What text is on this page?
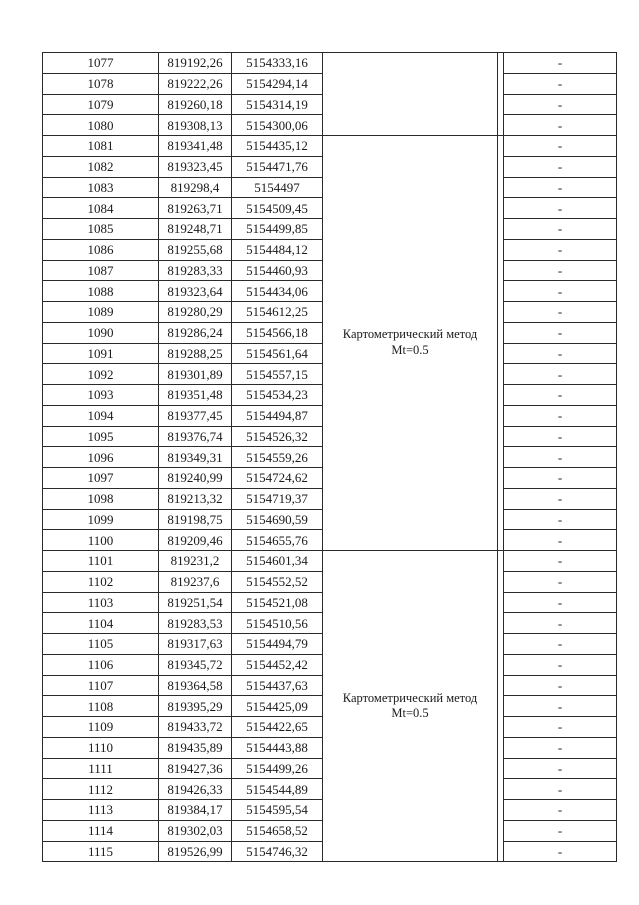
1077	819192,26	5154333,16			-
1078	819222,26	5154294,14			-
1079	819260,18	5154314,19			-
1080	819308,13	5154300,06			-
1081	819341,48	5154435,12	Картометрический метод Mt=0.5		-
1082	819323,45	5154471,76			-
1083	819298,4	5154497			-
1084	819263,71	5154509,45			-
1085	819248,71	5154499,85			-
1086	819255,68	5154484,12			-
1087	819283,33	5154460,93			-
1088	819323,64	5154434,06			-
1089	819280,29	5154612,25			-
1090	819286,24	5154566,18			-
1091	819288,25	5154561,64			-
1092	819301,89	5154557,15			-
1093	819351,48	5154534,23			-
1094	819377,45	5154494,87			-
1095	819376,74	5154526,32			-
1096	819349,31	5154559,26			-
1097	819240,99	5154724,62			-
1098	819213,32	5154719,37			-
1099	819198,75	5154690,59			-
1100	819209,46	5154655,76			-
1101	819231,2	5154601,34	Картометрический метод Mt=0.5		-
1102	819237,6	5154552,52			-
1103	819251,54	5154521,08			-
1104	819283,53	5154510,56			-
1105	819317,63	5154494,79			-
1106	819345,72	5154452,42			-
1107	819364,58	5154437,63			-
1108	819395,29	5154425,09			-
1109	819433,72	5154422,65			-
1110	819435,89	5154443,88			-
1111	819427,36	5154499,26			-
1112	819426,33	5154544,89			-
1113	819384,17	5154595,54			-
1114	819302,03	5154658,52			-
1115	819526,99	5154746,32			-
